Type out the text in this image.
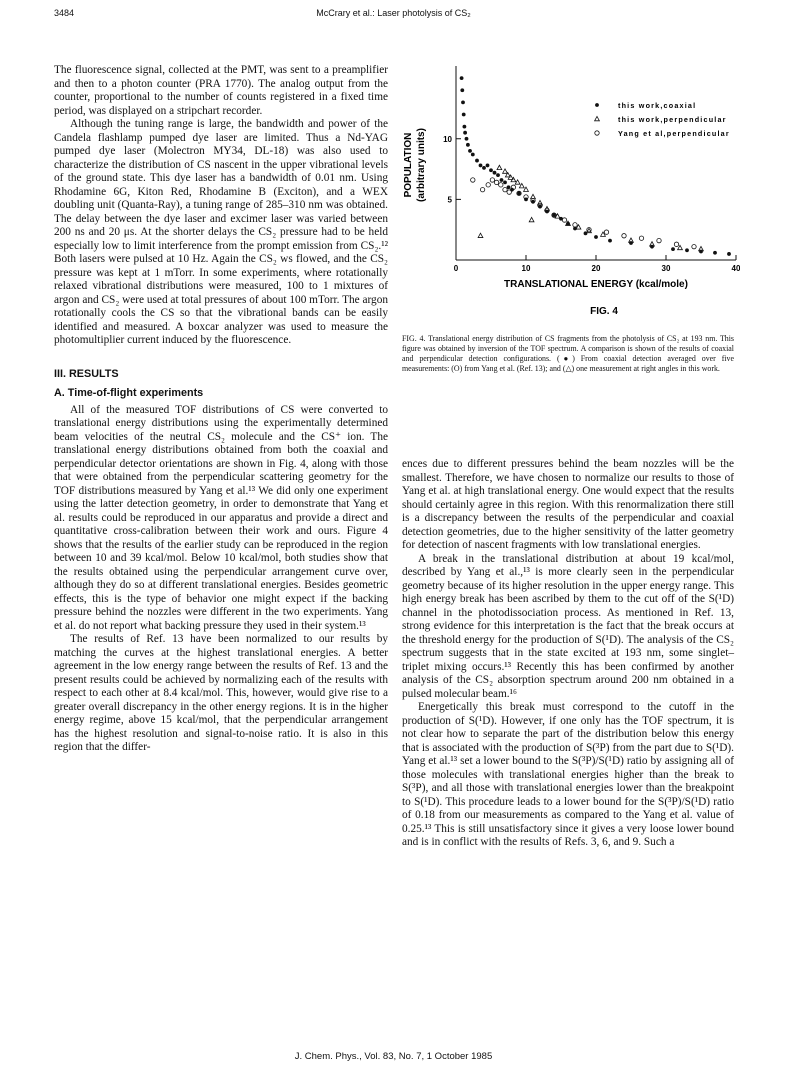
3484	McCrary et al.: Laser photolysis of CS₂

The fluorescence signal, collected at the PMT, was sent to a preamplifier and then to a photon counter (PRA 1770). The analog output from the counter, proportional to the number of counts registered in a fixed time period, was displayed on a stripchart recorder.

Although the tuning range is large, the bandwidth and power of the Candela flashlamp pumped dye laser are limited. Thus a Nd-YAG pumped dye laser (Molectron MY34, DL-18) was also used to characterize the distribution of CS nascent in the upper vibrational levels of the ground state. This dye laser has a bandwidth of 0.01 nm. Using Rhodamine 6G, Kiton Red, Rhodamine B (Exciton), and a WEX doubling unit (Quanta-Ray), a tuning range of 285–310 nm was obtained. The delay between the dye laser and excimer laser was varied between 200 ns and 20 μs. At the shorter delays the CS₂ pressure had to be held especially low to limit interference from the prompt emission from CS₂.¹² Both lasers were pulsed at 10 Hz. Again the CS₂ ws flowed, and the CS₂ pressure was kept at 1 mTorr. In some experiments, where rotationally relaxed vibrational distributions were measured, 100 to 1 mixtures of argon and CS₂ were used at total pressures of about 100 mTorr. The argon rotationally cools the CS so that the vibrational bands can be easily identified and measured. A boxcar analyzer was used to measure the photomultiplier current induced by the fluorescence.

III. RESULTS
A. Time-of-flight experiments

All of the measured TOF distributions of CS were converted to translational energy distributions using the experimentally determined beam velocities of the neutral CS₂ molecule and the CS⁺ ion. The translational energy distributions obtained from both the coaxial and perpendicular detector orientations are shown in Fig. 4, along with those that were obtained from the perpendicular scattering geometry for the TOF distributions measured by Yang et al.¹³ We did only one experiment using the latter detection geometry, in order to demonstrate that Yang et al. results could be reproduced in our apparatus and provide a direct and quantitative cross-calibration between their work and ours. Figure 4 shows that the results of the earlier study can be reproduced in the region between 10 and 39 kcal/mol. Below 10 kcal/mol, both studies show that the results obtained using the perpendicular arrangement curve over, although they do so at different translational energies. Besides geometric effects, this is the type of behavior one might expect if the backing pressure behind the nozzles were different in the two experiments. Yang et al. do not report what backing pressure they used in their system.¹³

The results of Ref. 13 have been normalized to our results by matching the curves at the highest translational energies. A better agreement in the low energy range between the results of Ref. 13 and the present results could be achieved by normalizing each of the results with respect to each other at 8.4 kcal/mol. This, however, would give rise to a greater overall discrepancy in the other energy regions. It is in the higher energy regime, above 15 kcal/mol, that the perpendicular arrangement has the highest resolution and signal-to-noise ratio. It is also in this region that the differ-

0	10	20	30	40
5
10
TRANSLATIONAL ENERGY (kcal/mole)
POPULATION (arbitrary units)
FIG. 4
this work,coaxial
this work,perpendicular
Yang et al,perpendicular
FIG. 4. Translational energy distribution of CS fragments from the photolysis of CS₂ at 193 nm. This figure was obtained by inversion of the TOF spectrum. A comparison is shown of the results of coaxial and perpendicular detection configurations. (●) From coaxial detection averaged over five measurements: (O) from Yang et al. (Ref. 13); and (△) one measurement at right angles in this work.

ences due to different pressures behind the beam nozzles will be the smallest. Therefore, we have chosen to normalize our results to those of Yang et al. at high translational energy. One would expect that the results should certainly agree in this region. With this renormalization there still is a discrepancy between the results of the perpendicular and coaxial detection geometries, due to the higher sensitivity of the latter geometry for detection of nascent fragments with low translational energies.

A break in the translational distribution at about 19 kcal/mol, described by Yang et al.,¹³ is more clearly seen in the perpendicular geometry because of its higher resolution in the upper energy range. This high energy break has been ascribed by them to the cut off of the S(¹D) channel in the photodissociation process. As mentioned in Ref. 13, strong evidence for this interpretation is the fact that the break occurs at the threshold energy for the production of S(¹D). The analysis of the CS₂ spectrum suggests that in the state excited at 193 nm, some singlet–triplet mixing occurs.¹³ Recently this has been confirmed by another analysis of the CS₂ absorption spectrum around 200 nm obtained in a pulsed molecular beam.¹⁶

Energetically this break must correspond to the cutoff in the production of S(¹D). However, if one only has the TOF spectrum, it is not clear how to separate the part of the distribution below this energy that is associated with the production of S(³P) from the part due to S(¹D). Yang et al.¹³ set a lower bound to the S(³P)/S(¹D) ratio by assigning all of those molecules with translational energies higher than the break to S(³P), and all those with translational energies lower than the breakpoint to S(¹D). This procedure leads to a lower bound for the S(³P)/S(¹D) ratio of 0.18 from our measurements as compared to the Yang et al. value of 0.25.¹³ This is still unsatisfactory since it gives a very loose lower bound and is in conflict with the results of Refs. 3, 6, and 9. Such a

J. Chem. Phys., Vol. 83, No. 7, 1 October 1985
